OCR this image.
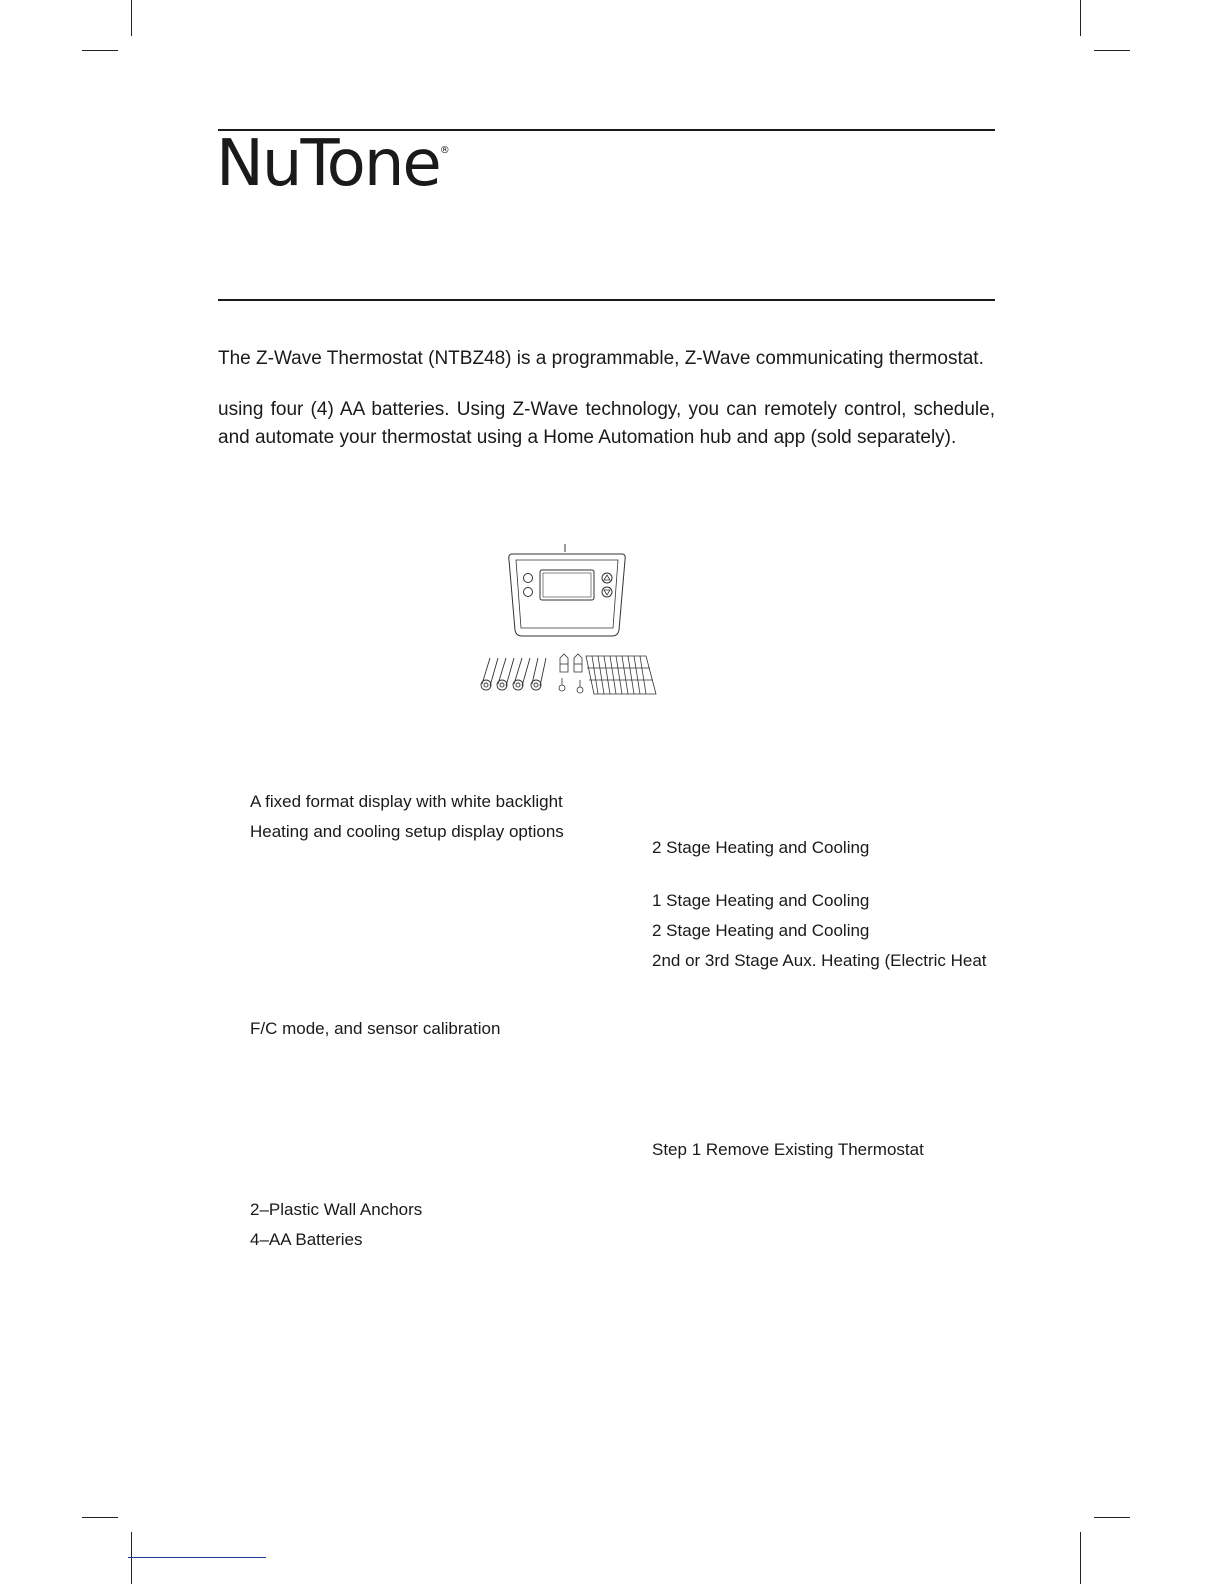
NuTone®
The Z-Wave Thermostat (NTBZ48) is a programmable, Z-Wave communicating thermostat.
using four (4) AA batteries. Using Z-Wave technology, you can remotely control, schedule, and automate your thermostat using a Home Automation hub and app (sold separately).
A fixed format display with white backlight
Heating and cooling setup display options
F/C mode, and sensor calibration
2 Stage Heating and Cooling
1 Stage Heating and Cooling
2 Stage Heating and Cooling
2nd or 3rd Stage Aux. Heating (Electric Heat
Step 1 Remove Existing Thermostat
2–Plastic Wall Anchors
4–AA Batteries
